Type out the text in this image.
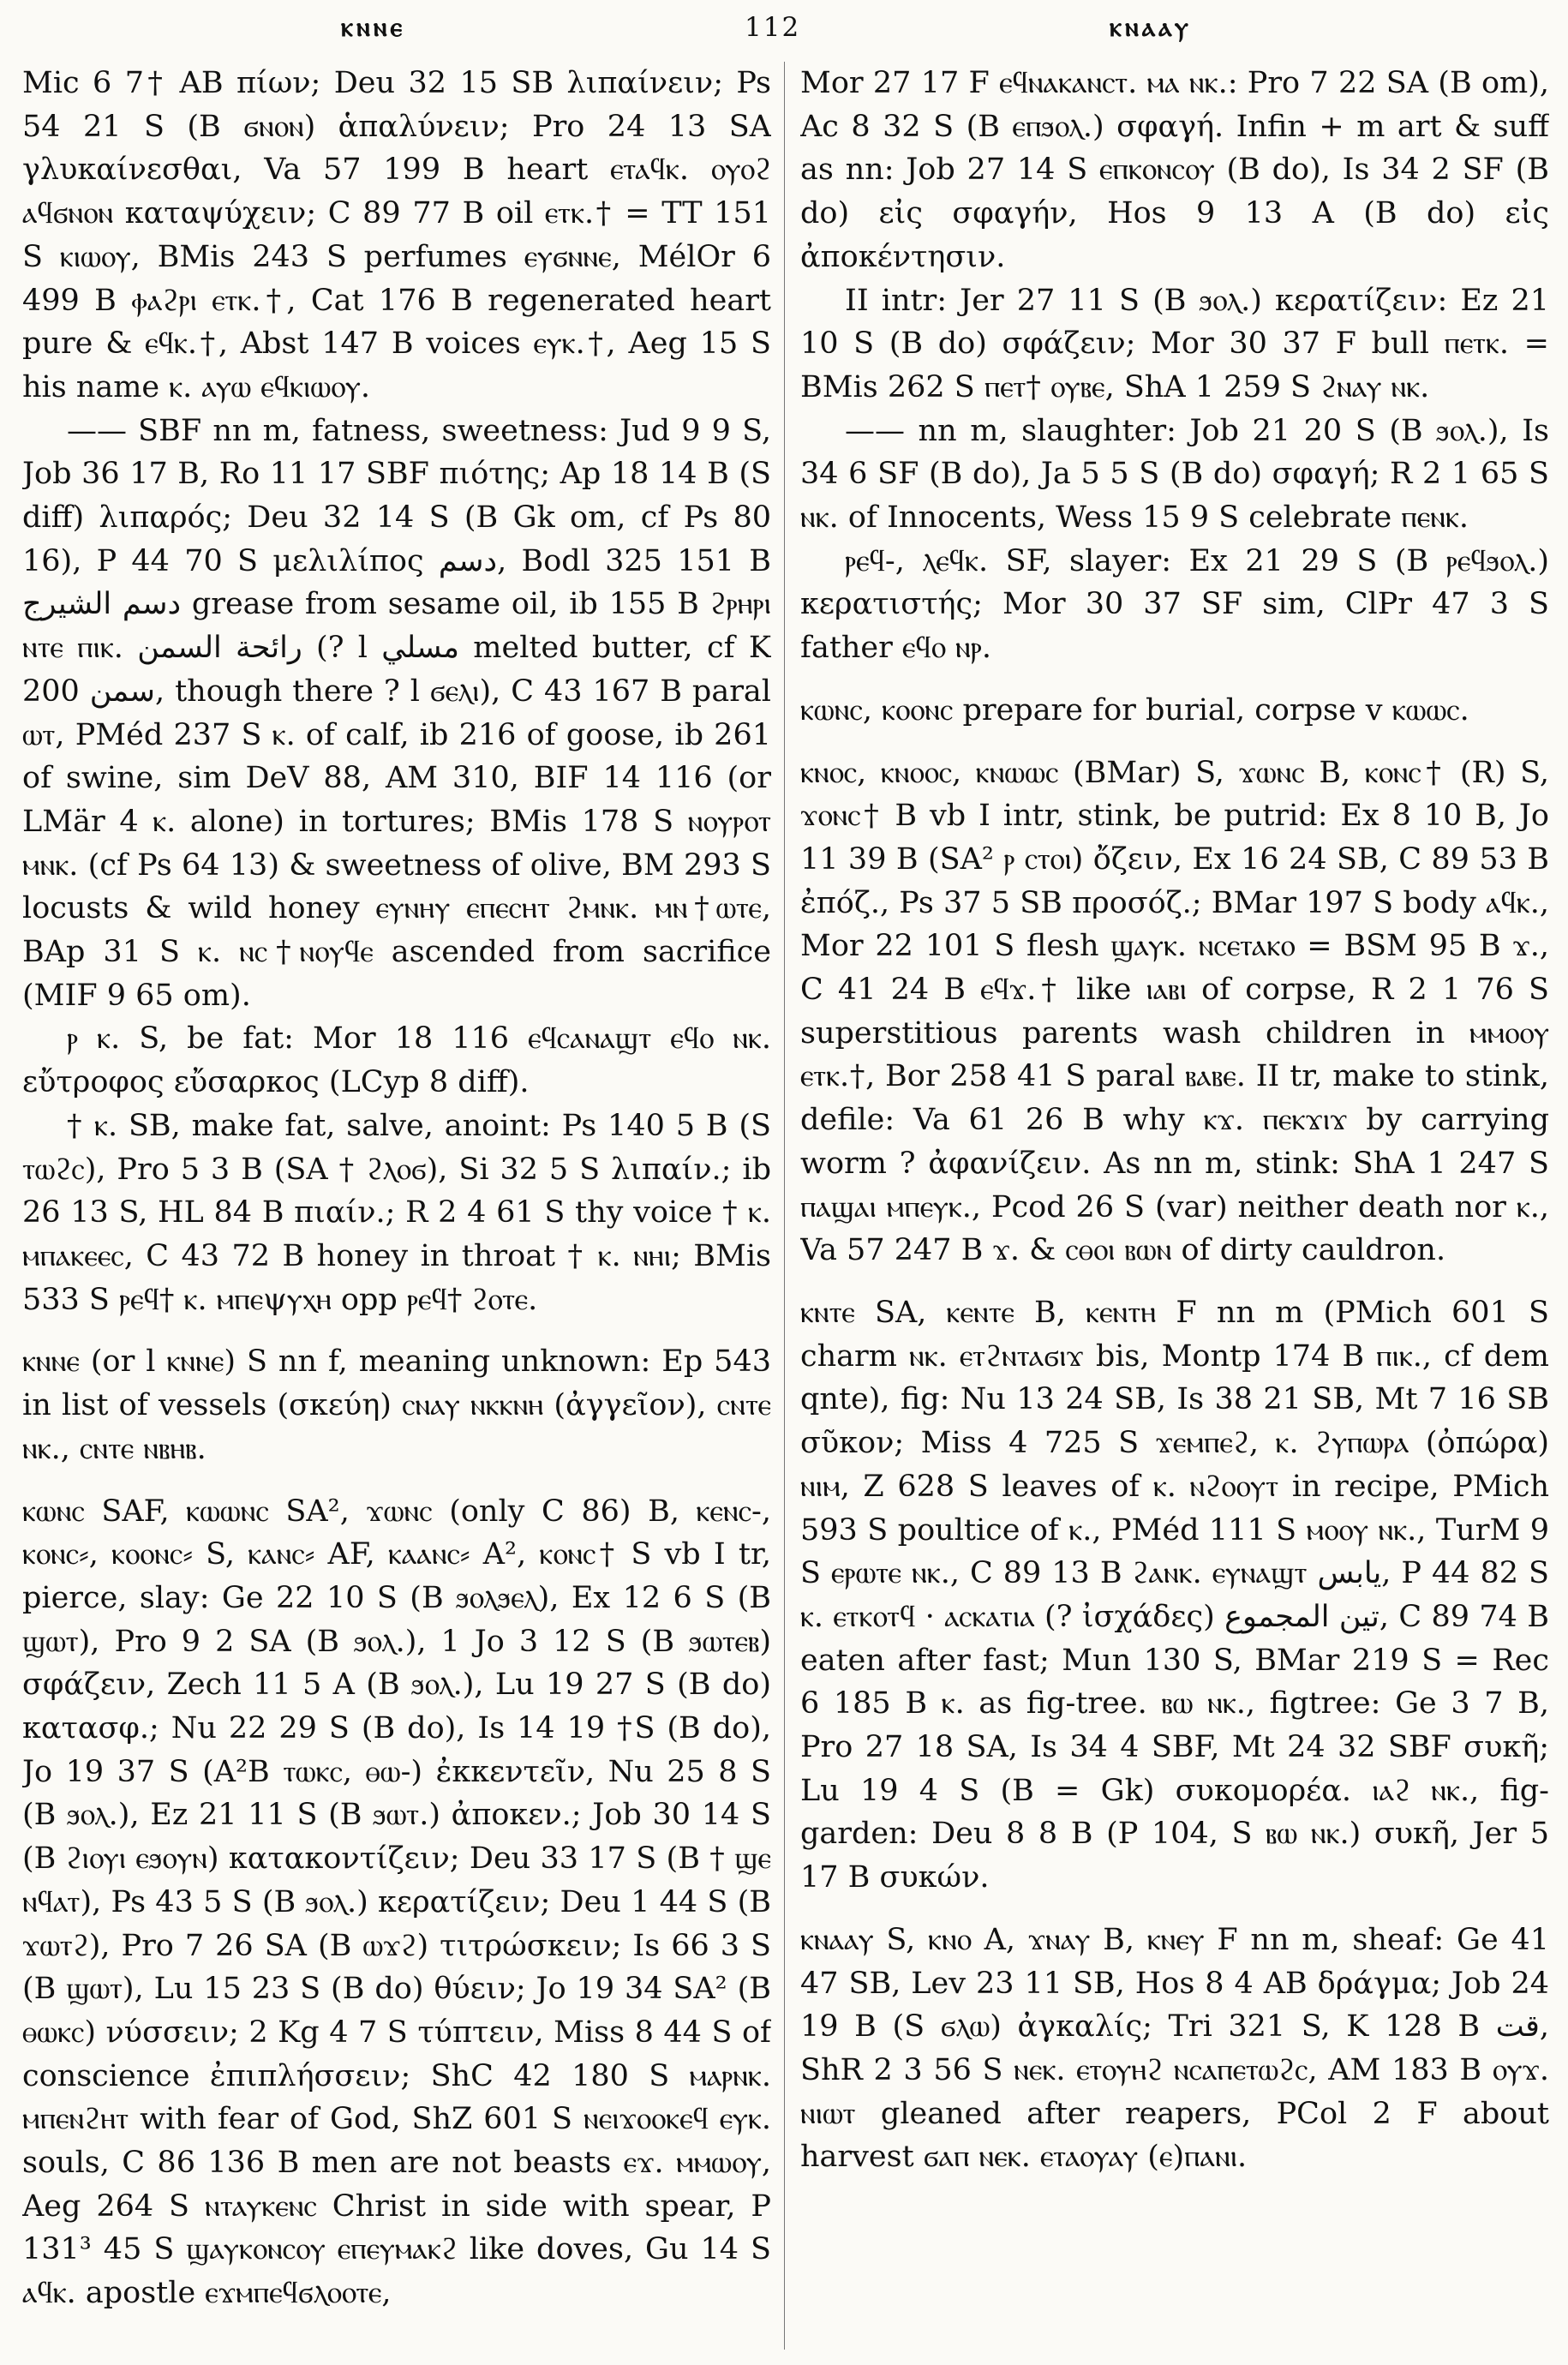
ⲕⲛⲛⲉ	112	ⲕⲛⲁⲁⲩ

Mic 6 7† AB πίων; Deu 32 15 SB λιπαίνειν; Ps 54 21 S (B ϭⲛⲟⲛ) ἁπαλύνειν; Pro 24 13 SA γλυκαίνεσθαι, Va 57 199 B heart ⲉⲧⲁϥⲕ. ⲟⲩⲟϩ ⲁϥϭⲛⲟⲛ καταψύχειν; C 89 77 B oil ⲉⲧⲕ.† = TT 151 S ⲕⲓⲱⲟⲩ, BMis 243 S perfumes ⲉⲩϭⲛⲛⲉ, MélOr 6 499 B ⲫⲁϩⲣⲓ ⲉⲧⲕ.†, Cat 176 B regenerated heart pure & ⲉϥⲕ.†, Abst 147 B voices ⲉⲩⲕ.†, Aeg 15 S his name ⲕ. ⲁⲩⲱ ⲉϥⲕⲓⲱⲟⲩ.

—— SBF nn m, fatness, sweetness: Jud 9 9 S, Job 36 17 B, Ro 11 17 SBF πιότης; Ap 18 14 B (S diff) λιπαρός; Deu 32 14 S (B Gk om, cf Ps 80 16), P 44 70 S μελιλίπος دسم, Bodl 325 151 B دسم الشيرج grease from sesame oil, ib 155 B ϩⲣⲏⲣⲓ ⲛⲧⲉ ⲡⲓⲕ. رائحة السمن (? l مسلي melted butter, cf K 200 سمن, though there ? l ϭⲉⲗⲓ), C 43 167 B paral ⲱⲧ, PMéd 237 S ⲕ. of calf, ib 216 of goose, ib 261 of swine, sim DeV 88, AM 310, BIF 14 116 (or LMär 4 ⲕ. alone) in tortures; BMis 178 S ⲛⲟⲩⲣⲟⲧ ⲙⲛⲕ. (cf Ps 64 13) & sweetness of olive, BM 293 S locusts & wild honey ⲉⲩⲛⲏⲩ ⲉⲡⲉⲥⲏⲧ ϩⲙⲛⲕ. ⲙⲛ†ⲱⲧⲉ, BAp 31 S ⲕ. ⲛⲥ†ⲛⲟⲩϥⲉ ascended from sacrifice (MIF 9 65 om).

ⲣ ⲕ. S, be fat: Mor 18 116 ⲉϥⲥⲁⲛⲁϣⲧ ⲉϥⲟ ⲛⲕ. εὔτροφος εὔσαρκος (LCyp 8 diff).

† ⲕ. SB, make fat, salve, anoint: Ps 140 5 B (S ⲧⲱϩⲥ), Pro 5 3 B (SA † ϩⲗⲟϭ), Si 32 5 S λιπαίν.; ib 26 13 S, HL 84 B πιαίν.; R 2 4 61 S thy voice † ⲕ. ⲙⲡⲁⲕⲉⲉⲥ, C 43 72 B honey in throat † ⲕ. ⲛⲏⲓ; BMis 533 S ⲣⲉϥ† ⲕ. ⲙⲡⲉψⲩⲭⲏ opp ⲣⲉϥ† ϩⲟⲧⲉ.

ⲕⲛⲛⲉ (or l ⲕⲛⲛⲉ) S nn f, meaning unknown: Ep 543 in list of vessels (σκεύη) ⲥⲛⲁⲩ ⲛⲕⲕⲛⲏ (ἀγγεῖον), ⲥⲛⲧⲉ ⲛⲕ., ⲥⲛⲧⲉ ⲛⲃⲏⲃ.

ⲕⲱⲛⲥ SAF, ⲕⲱⲱⲛⲥ SA², ϫⲱⲛⲥ (only C 86) B, ⲕⲉⲛⲥ-, ⲕⲟⲛⲥ⸗, ⲕⲟⲟⲛⲥ⸗ S, ⲕⲁⲛⲥ⸗ AF, ⲕⲁⲁⲛⲥ⸗ A², ⲕⲟⲛⲥ† S vb I tr, pierce, slay: Ge 22 10 S (B ϧⲟⲗϧⲉⲗ), Ex 12 6 S (B ϣⲱⲧ), Pro 9 2 SA (B ϧⲟⲗ.), 1 Jo 3 12 S (B ϧⲱⲧⲉⲃ) σφάζειν, Zech 11 5 A (B ϧⲟⲗ.), Lu 19 27 S (B do) κατασφ.; Nu 22 29 S (B do), Is 14 19 †S (B do), Jo 19 37 S (A²B ⲧⲱⲕⲥ, ⲑⲱ-) ἐκκεντεῖν, Nu 25 8 S (B ϧⲟⲗ.), Ez 21 11 S (B ϧⲱⲧ.) ἀποκεν.; Job 30 14 S (B ϩⲓⲟⲩⲓ ⲉϧⲟⲩⲛ) κατακοντίζειν; Deu 33 17 S (B † ϣⲉ ⲛϥⲁⲧ), Ps 43 5 S (B ϧⲟⲗ.) κερατίζειν; Deu 1 44 S (B ϫⲱⲧϩ), Pro 7 26 SA (B ⲱϫϩ) τιτρώσκειν; Is 66 3 S (B ϣⲱⲧ), Lu 15 23 S (B do) θύειν; Jo 19 34 SA² (B ⲑⲱⲕⲥ) νύσσειν; 2 Kg 4 7 S τύπτειν, Miss 8 44 S of conscience ἐπιπλήσσειν; ShC 42 180 S ⲙⲁⲣⲛⲕ. ⲙⲡⲉⲛϩⲏⲧ with fear of God, ShZ 601 S ⲛⲉⲓϫⲟⲟⲕⲉϥ ⲉⲩⲕ. souls, C 86 136 B men are not beasts ⲉϫ. ⲙⲙⲱⲟⲩ, Aeg 264 S ⲛⲧⲁⲩⲕⲉⲛⲥ Christ in side with spear, P 131³ 45 S ϣⲁⲩⲕⲟⲛⲥⲟⲩ ⲉⲡⲉⲩⲙⲁⲕϩ like doves, Gu 14 S ⲁϥⲕ. apostle ⲉϫⲙⲡⲉϥϭⲗⲟⲟⲧⲉ,

Mor 27 17 F ⲉϥⲛⲁⲕⲁⲛⲥⲧ. ⲙⲁ ⲛⲕ.: Pro 7 22 SA (B om), Ac 8 32 S (B ⲉⲡϧⲟⲗ.) σφαγή. Infin + m art & suff as nn: Job 27 14 S ⲉⲡⲕⲟⲛⲥⲟⲩ (B do), Is 34 2 SF (B do) εἰς σφαγήν, Hos 9 13 A (B do) εἰς ἀποκέντησιν.

II intr: Jer 27 11 S (B ϧⲟⲗ.) κερατίζειν: Ez 21 10 S (B do) σφάζειν; Mor 30 37 F bull ⲡⲉⲧⲕ. = BMis 262 S ⲡⲉⲧ† ⲟⲩⲃⲉ, ShA 1 259 S ϩⲛⲁⲩ ⲛⲕ.

—— nn m, slaughter: Job 21 20 S (B ϧⲟⲗ.), Is 34 6 SF (B do), Ja 5 5 S (B do) σφαγή; R 2 1 65 S ⲛⲕ. of Innocents, Wess 15 9 S celebrate ⲡⲉⲛⲕ.

ⲣⲉϥ-, ⲗⲉϥⲕ. SF, slayer: Ex 21 29 S (B ⲣⲉϥϧⲟⲗ.) κερατιστής; Mor 30 37 SF sim, ClPr 47 3 S father ⲉϥⲟ ⲛⲣ.

ⲕⲱⲛⲥ, ⲕⲟⲟⲛⲥ prepare for burial, corpse v ⲕⲱⲱⲥ.

ⲕⲛⲟⲥ, ⲕⲛⲟⲟⲥ, ⲕⲛⲱⲱⲥ (BMar) S, ϫⲱⲛⲥ B, ⲕⲟⲛⲥ† (R) S, ϫⲟⲛⲥ† B vb I intr, stink, be putrid: Ex 8 10 B, Jo 11 39 B (SA² ⲣ ⲥⲧⲟⲓ) ὄζειν, Ex 16 24 SB, C 89 53 B ἐπόζ., Ps 37 5 SB προσόζ.; BMar 197 S body ⲁϥⲕ., Mor 22 101 S flesh ϣⲁⲩⲕ. ⲛⲥⲉⲧⲁⲕⲟ = BSM 95 B ϫ., C 41 24 B ⲉϥϫ.† like ⲓⲁⲃⲓ of corpse, R 2 1 76 S superstitious parents wash children in ⲙⲙⲟⲟⲩ ⲉⲧⲕ.†, Bor 258 41 S paral ⲃⲁⲃⲉ. II tr, make to stink, defile: Va 61 26 B why ⲕϫ. ⲡⲉⲕϫⲓϫ by carrying worm ? ἀφανίζειν. As nn m, stink: ShA 1 247 S ⲡⲁϣⲁⲓ ⲙⲡⲉⲩⲕ., Pcod 26 S (var) neither death nor ⲕ., Va 57 247 B ϫ. & ⲥⲑⲟⲓ ⲃⲱⲛ of dirty cauldron.

ⲕⲛⲧⲉ SA, ⲕⲉⲛⲧⲉ B, ⲕⲉⲛⲧⲏ F nn m (PMich 601 S charm ⲛⲕ. ⲉⲧϩⲛⲧⲁϭⲓϫ bis, Montp 174 B ⲡⲓⲕ., cf dem qnte), fig: Nu 13 24 SB, Is 38 21 SB, Mt 7 16 SB σῦκον; Miss 4 725 S ϫⲉⲙⲡⲉϩ, ⲕ. ϩⲩⲡⲱⲣⲁ (ὀπώρα) ⲛⲓⲙ, Z 628 S leaves of ⲕ. ⲛϩⲟⲟⲩⲧ in recipe, PMich 593 S poultice of ⲕ., PMéd 111 S ⲙⲟⲟⲩ ⲛⲕ., TurM 9 S ⲉⲣⲱⲧⲉ ⲛⲕ., C 89 13 B ϩⲁⲛⲕ. ⲉⲩⲛⲁϣⲧ يابس, P 44 82 S ⲕ. ⲉⲧⲕⲟⲧϥ · ⲁⲥⲕⲁⲧⲓⲁ (? ἰσχάδες) تين المجموع, C 89 74 B eaten after fast; Mun 130 S, BMar 219 S = Rec 6 185 B ⲕ. as fig-tree. ⲃⲱ ⲛⲕ., figtree: Ge 3 7 B, Pro 27 18 SA, Is 34 4 SBF, Mt 24 32 SBF συκῆ; Lu 19 4 S (B = Gk) συκομορέα. ⲓⲁϩ ⲛⲕ., fig-garden: Deu 8 8 B (P 104, S ⲃⲱ ⲛⲕ.) συκῆ, Jer 5 17 B συκών.

ⲕⲛⲁⲁⲩ S, ⲕⲛⲟ A, ϫⲛⲁⲩ B, ⲕⲛⲉⲩ F nn m, sheaf: Ge 41 47 SB, Lev 23 11 SB, Hos 8 4 AB δράγμα; Job 24 19 B (S ϭⲗⲱ) ἀγκαλίς; Tri 321 S, K 128 B قت, ShR 2 3 56 S ⲛⲉⲕ. ⲉⲧⲟⲩⲏϩ ⲛⲥⲁⲡⲉⲧⲱϩⲥ, AM 183 B ⲟⲩϫ. ⲛⲓⲱⲧ gleaned after reapers, PCol 2 F about harvest ϭⲁⲡ ⲛⲉⲕ. ⲉⲧⲁⲟⲩⲁⲩ (ⲉ)ⲡⲁⲛⲓ.
